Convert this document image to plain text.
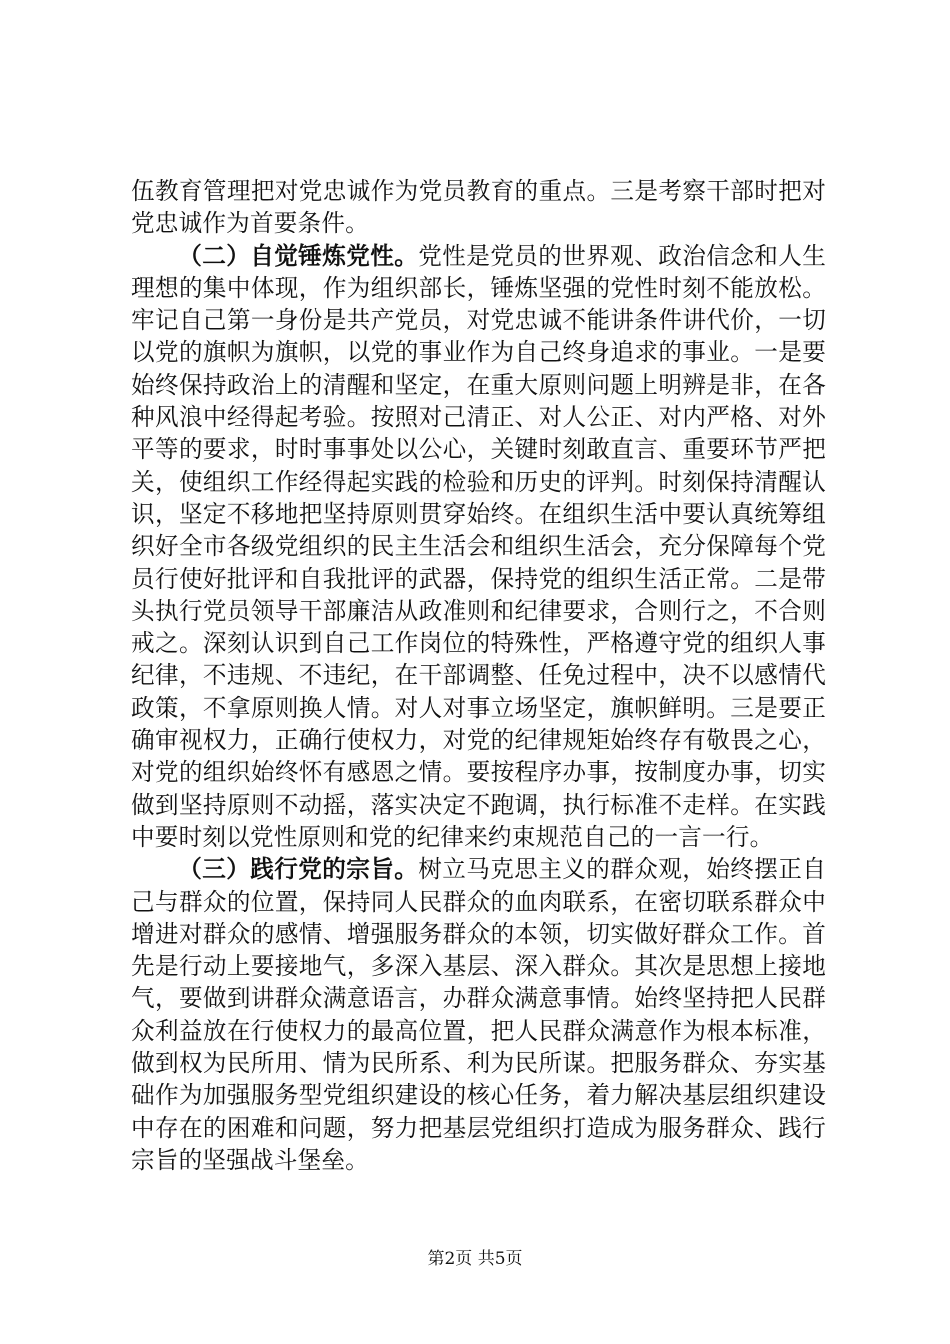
伍教育管理把对党忠诚作为党员教育的重点。三是考察干部时把对党忠诚作为首要条件。

（二）自觉锤炼党性。党性是党员的世界观、政治信念和人生理想的集中体现，作为组织部长，锤炼坚强的党性时刻不能放松。牢记自己第一身份是共产党员，对党忠诚不能讲条件讲代价，一切以党的旗帜为旗帜，以党的事业作为自己终身追求的事业。一是要始终保持政治上的清醒和坚定，在重大原则问题上明辨是非，在各种风浪中经得起考验。按照对己清正、对人公正、对内严格、对外平等的要求，时时事事处以公心，关键时刻敢直言、重要环节严把关，使组织工作经得起实践的检验和历史的评判。时刻保持清醒认识，坚定不移地把坚持原则贯穿始终。在组织生活中要认真统筹组织好全市各级党组织的民主生活会和组织生活会，充分保障每个党员行使好批评和自我批评的武器，保持党的组织生活正常。二是带头执行党员领导干部廉洁从政准则和纪律要求，合则行之，不合则戒之。深刻认识到自己工作岗位的特殊性，严格遵守党的组织人事纪律，不违规、不违纪，在干部调整、任免过程中，决不以感情代政策，不拿原则换人情。对人对事立场坚定，旗帜鲜明。三是要正确审视权力，正确行使权力，对党的纪律规矩始终存有敬畏之心，对党的组织始终怀有感恩之情。要按程序办事，按制度办事，切实做到坚持原则不动摇，落实决定不跑调，执行标准不走样。在实践中要时刻以党性原则和党的纪律来约束规范自己的一言一行。

（三）践行党的宗旨。树立马克思主义的群众观，始终摆正自己与群众的位置，保持同人民群众的血肉联系，在密切联系群众中增进对群众的感情、增强服务群众的本领，切实做好群众工作。首先是行动上要接地气，多深入基层、深入群众。其次是思想上接地气，要做到讲群众满意语言，办群众满意事情。始终坚持把人民群众利益放在行使权力的最高位置，把人民群众满意作为根本标准，做到权为民所用、情为民所系、利为民所谋。把服务群众、夯实基础作为加强服务型党组织建设的核心任务，着力解决基层组织建设中存在的困难和问题，努力把基层党组织打造成为服务群众、践行宗旨的坚强战斗堡垒。

第2页 共5页
